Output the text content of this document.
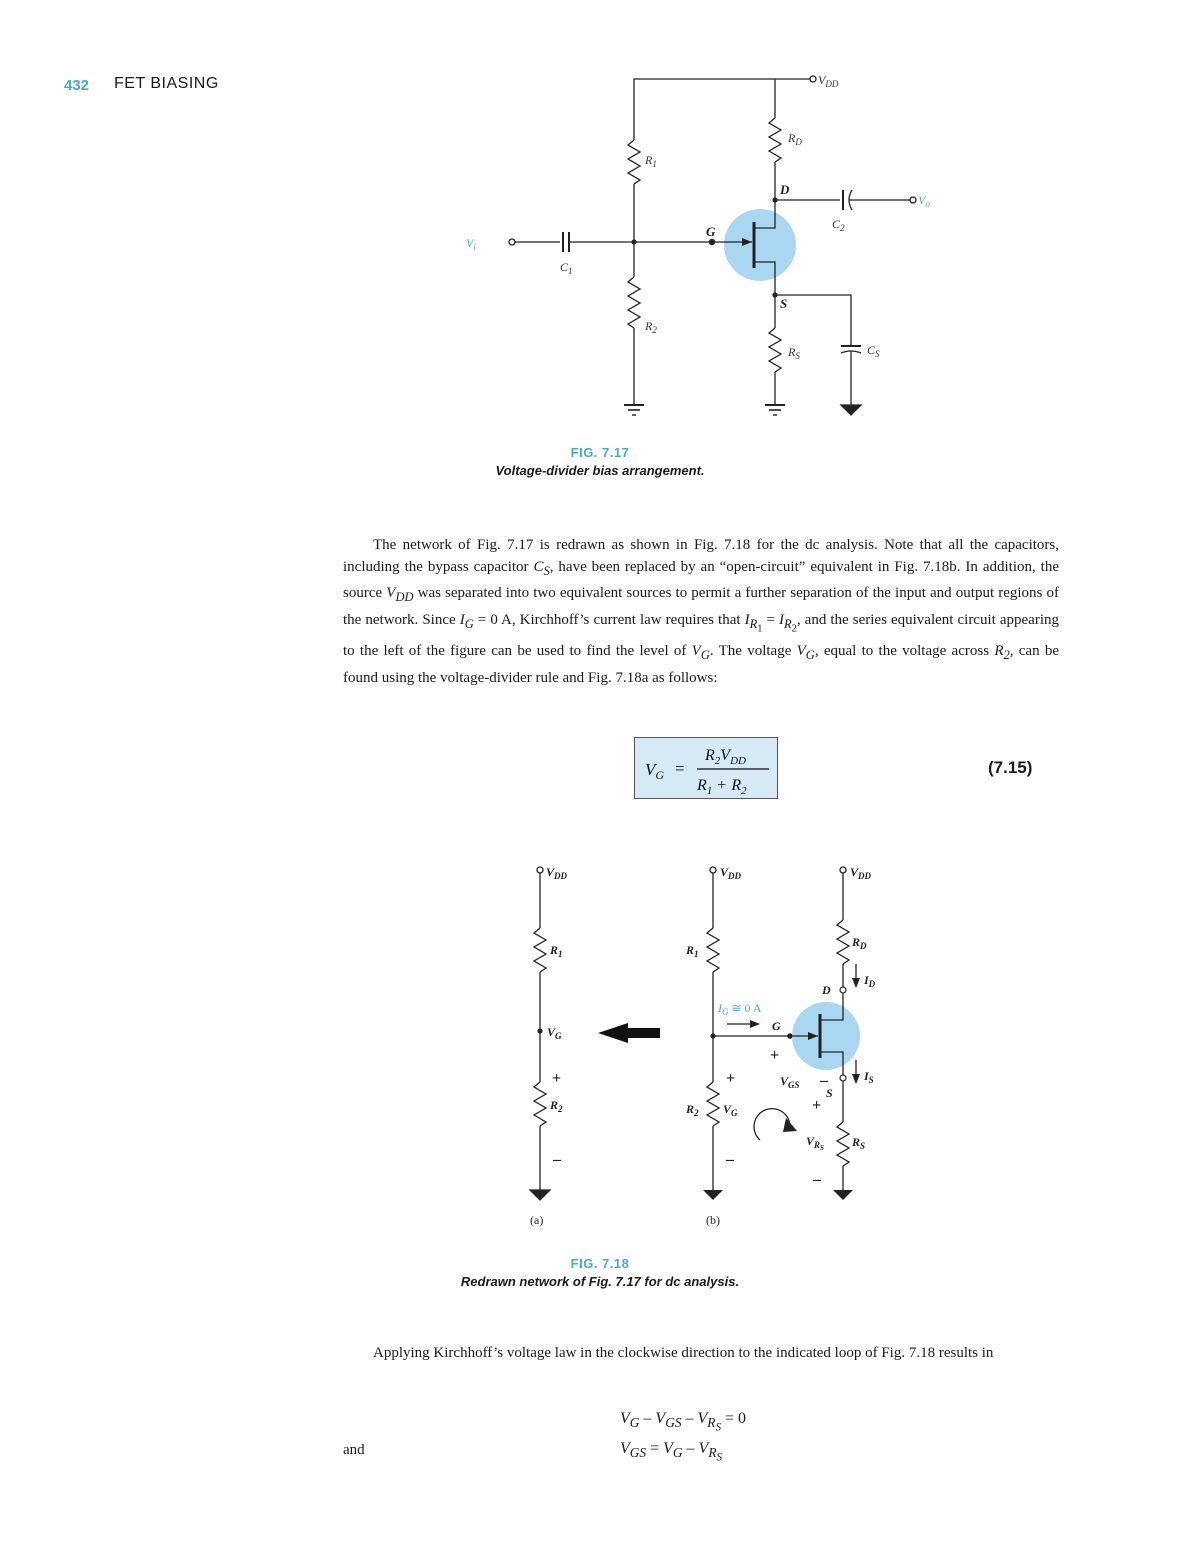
432 FET BIASING	$V_{DD}$
$V_i$
$V_o$
$R_1$
$R_2$
$R_D$
$R_S$
$C_1$
$C_2$
$C_S$
D
G
S
FIG. 7.17
Voltage-divider bias arrangement.
The network of Fig. 7.17 is redrawn as shown in Fig. 7.18 for the dc analysis. Note that all the capacitors, including the bypass capacitor $C_S$, have been replaced by an “open-circuit” equivalent in Fig. 7.18b. In addition, the source $V_{DD}$ was separated into two equivalent sources to permit a further separation of the input and output regions of the network. Since $I_G = 0$ A, Kirchhoff’s current law requires that $I_{R_1} = I_{R_2}$, and the series equivalent circuit appearing to the left of the figure can be used to find the level of $V_G$. The voltage $V_G$, equal to the voltage across $R_2$, can be found using the voltage-divider rule and Fig. 7.18a as follows:
$V_G$ =
$R_2V_{DD}$
$R_1 + R_2$
(7.15)
$V_{DD}$
$R_1$
$V_G$
+
$R_2$
–
(a)
$I_G$ ≅ 0 A
$V_{DD}$
$R_1$
$R_2$ $V_G$
+
–
(b)
$V_{DD}$
$R_D$
$I_D$
D
G
+
$V_{GS}$ –
S
$I_S$
+
$V_RS$ $R_S$
–
FIG. 7.18
Redrawn network of Fig. 7.17 for dc analysis.
Applying Kirchhoff’s voltage law in the clockwise direction to the indicated loop of Fig. 7.18 results in
$V_G - V_{GS} - V_{R_S} = 0$
and	$V_{GS} = V_G - V_{R_S}$
